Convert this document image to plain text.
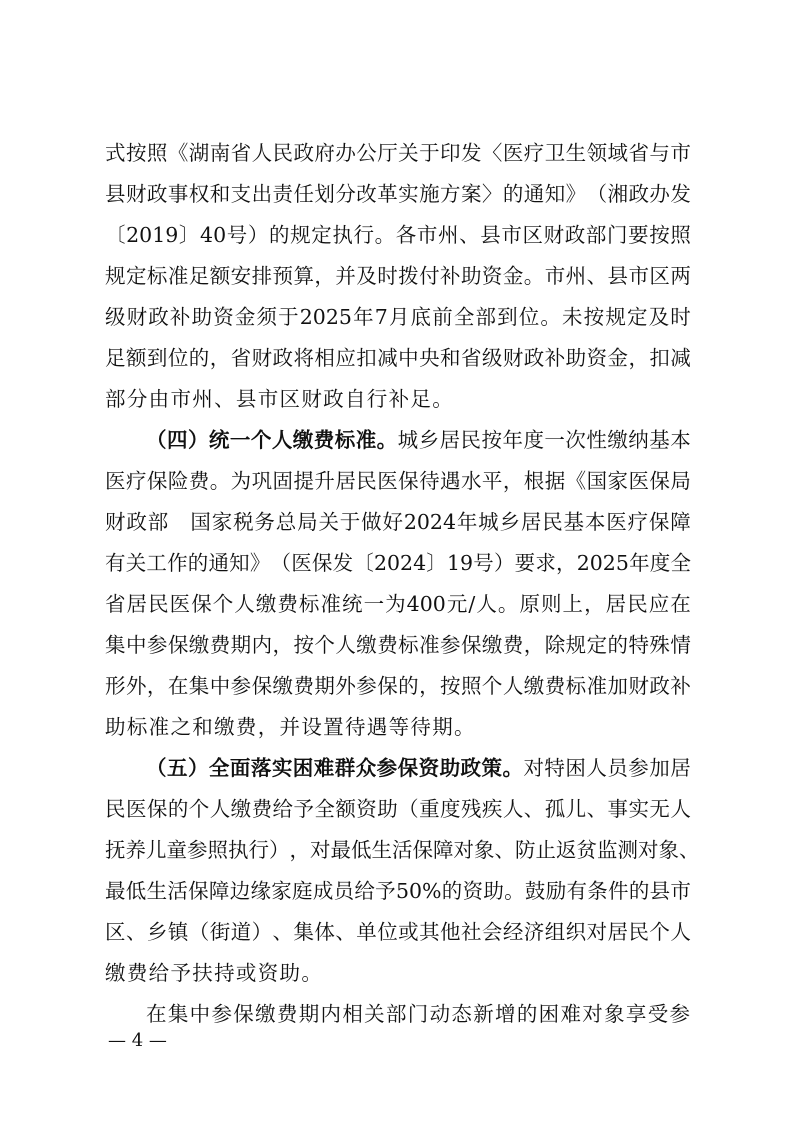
式 按 照 《 湖 南 省 人 民 政 府 办 公 厅 关 于 印 发 〈 医 疗 卫 生 领 域 省 与 市
县 财 政 事 权 和 支 出 责 任 划 分 改 革 实 施 方 案 〉 的 通 知 》 （ 湘 政 办 发
〔 2019 〕 40 号 ） 的 规 定 执 行 。 各 市 州 、 县 市 区 财 政 部 门 要 按 照
规 定 标 准 足 额 安 排 预 算 ， 并 及 时 拨 付 补 助 资 金 。 市 州 、 县 市 区 两
级 财 政 补 助 资 金 须 于 2025 年 7 月 底 前 全 部 到 位 。 未 按 规 定 及 时
足 额 到 位 的 ， 省 财 政 将 相 应 扣 减 中 央 和 省 级 财 政 补 助 资 金 ， 扣 减
部 分 由 市 州 、 县 市 区 财 政 自 行 补 足 。
（ 四 ） 统 一 个 人 缴 费 标 准 。 城 乡 居 民 按 年 度 一 次 性 缴 纳 基 本
医 疗 保 险 费 。 为 巩 固 提 升 居 民 医 保 待 遇 水 平 ， 根 据 《 国 家 医 保 局
财 政 部
　 国 家 税 务 总 局 关 于 做 好 2024 年 城 乡 居 民 基 本 医 疗 保 障
有 关 工 作 的 通 知 》 （ 医 保 发 〔 2024 〕 19 号 ） 要 求 ， 2025 年 度 全
省 居 民 医 保 个 人 缴 费 标 准 统 一 为 400 元 / 人 。 原 则 上 ， 居 民 应 在
集 中 参 保 缴 费 期 内 ， 按 个 人 缴 费 标 准 参 保 缴 费 ， 除 规 定 的 特 殊 情
形 外 ， 在 集 中 参 保 缴 费 期 外 参 保 的 ， 按 照 个 人 缴 费 标 准 加 财 政 补
助 标 准 之 和 缴 费 ， 并 设 置 待 遇 等 待 期 。
（ 五 ） 全 面 落 实 困 难 群 众 参 保 资 助 政 策 。 对 特 困 人 员 参 加 居
民 医 保 的 个 人 缴 费 给 予 全 额 资 助 （ 重 度 残 疾 人 、 孤 儿 、 事 实 无 人
抚 养 儿 童 参 照 执 行 ） ， 对 最 低 生 活 保 障 对 象 、 防 止 返 贫 监 测 对 象 、
最 低 生 活 保 障 边 缘 家 庭 成 员 给 予 50% 的 资 助 。 鼓 励 有 条 件 的 县 市
区 、 乡 镇 （ 街 道 ） 、 集 体 、 单 位 或 其 他 社 会 经 济 组 织 对 居 民 个 人
缴 费 给 予 扶 持 或 资 助 。
在 集 中 参 保 缴 费 期 内 相 关 部 门 动 态 新 增 的 困 难 对 象 享 受 参
— 4 —
